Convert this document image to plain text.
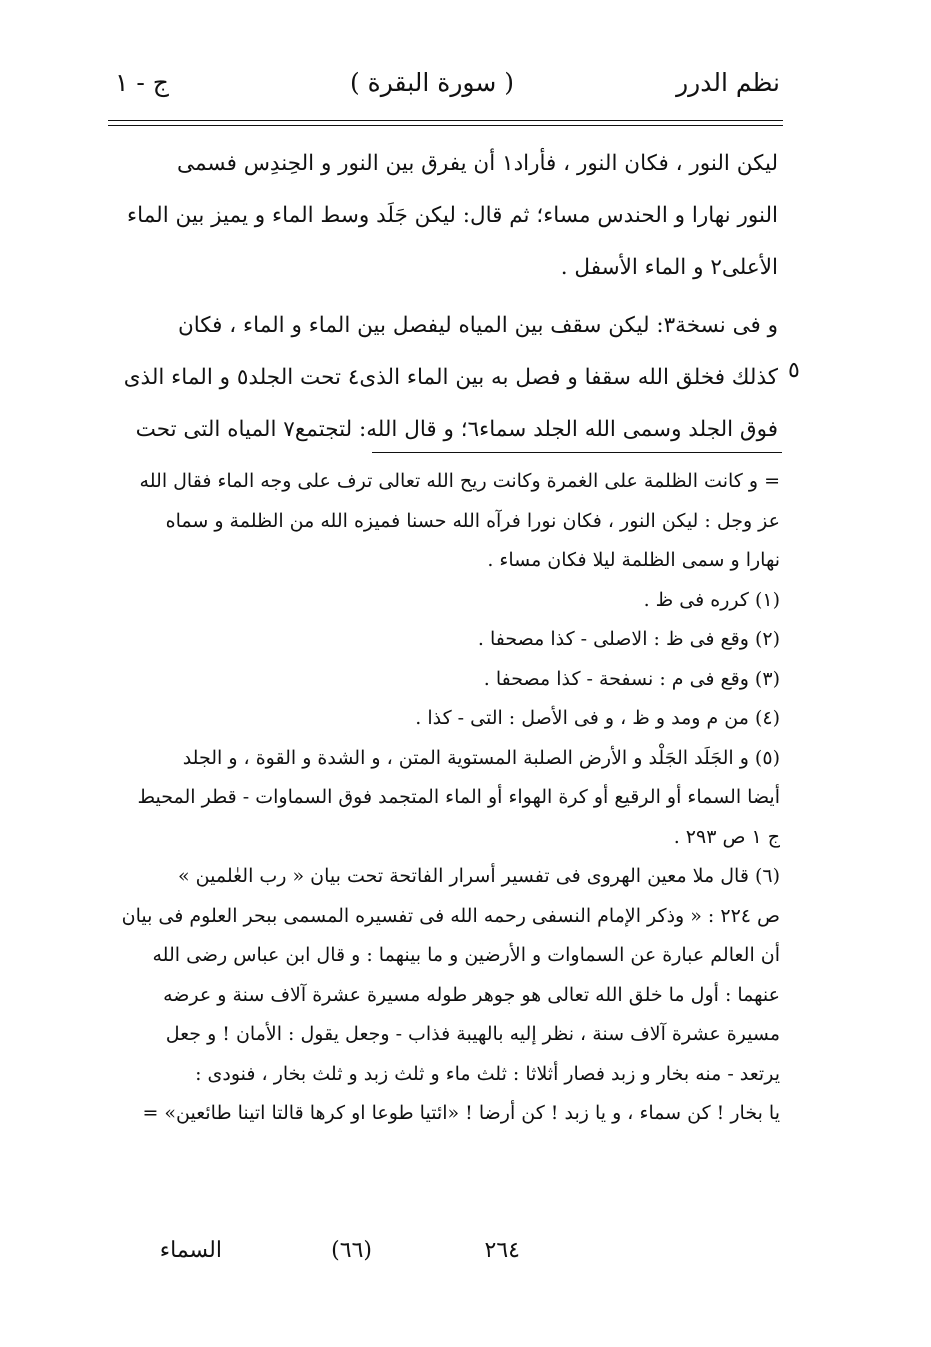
نظم الدرر
( سورة البقرة )
ج - ١

ليكن النور ، فكان النور ، فأراد١ أن يفرق بين النور و الحِندِس فسمى
النور نهارا و الحندس مساء؛ ثم قال: ليكن جَلَد وسط الماء و يميز بين الماء
الأعلى٢ و الماء الأسفل .

و فى نسخة٣: ليكن سقف بين المياه ليفصل بين الماء و الماء ، فكان
كذلك فخلق الله سقفا و فصل به بين الماء الذى٤ تحت الجلد٥ و الماء الذى
فوق الجلد وسمى الله الجلد سماء٦؛ و قال الله: لتجتمع٧ المياه التى تحت

٥
= و كانت الظلمة على الغمرة وكانت ريح الله تعالى ترف على وجه الماء فقال الله
عز وجل : ليكن النور ، فكان نورا فرآه الله حسنا فميزه الله من الظلمة و سماه
نهارا و سمى الظلمة ليلا فكان مساء .
(١) كرره فى ظ .
(٢) وقع فى ظ : الاصلى - كذا مصحفا .
(٣) وقع فى م : نسفحة - كذا مصحفا .
(٤) من م ومد و ظ ، و فى الأصل : التى - كذا .
(٥) و الجَلَد الجَلْد و الأرض الصلبة المستوية المتن ، و الشدة و القوة ، و الجلد
أيضا السماء أو الرقيع أو كرة الهواء أو الماء المتجمد فوق السماوات - قطر المحيط
ج ١ ص ٢٩٣ .
(٦) قال ملا معين الهروى فى تفسير أسرار الفاتحة تحت بيان « رب العٰلمين »
ص ٢٢٤ : « وذكر الإمام النسفى رحمه الله فى تفسيره المسمى ببحر العلوم فى بيان
أن العالم عبارة عن السماوات و الأرضين و ما بينهما : و قال ابن عباس رضى الله
عنهما : أول ما خلق الله تعالى هو جوهر طوله مسيرة عشرة آلاف سنة و عرضه
مسيرة عشرة آلاف سنة ، نظر إليه بالهيبة فذاب - وجعل يقول : الأمان ! و جعل
يرتعد - منه بخار و زبد فصار أثلاثا : ثلث ماء و ثلث زبد و ثلث بخار ، فنودى :
يا بخار ! كن سماء ، و يا زبد ! كن أرضا ! «ائتيا طوعا او كرها قالتا اتينا طائعين» =
٢٦٤
(٦٦)
السماء
